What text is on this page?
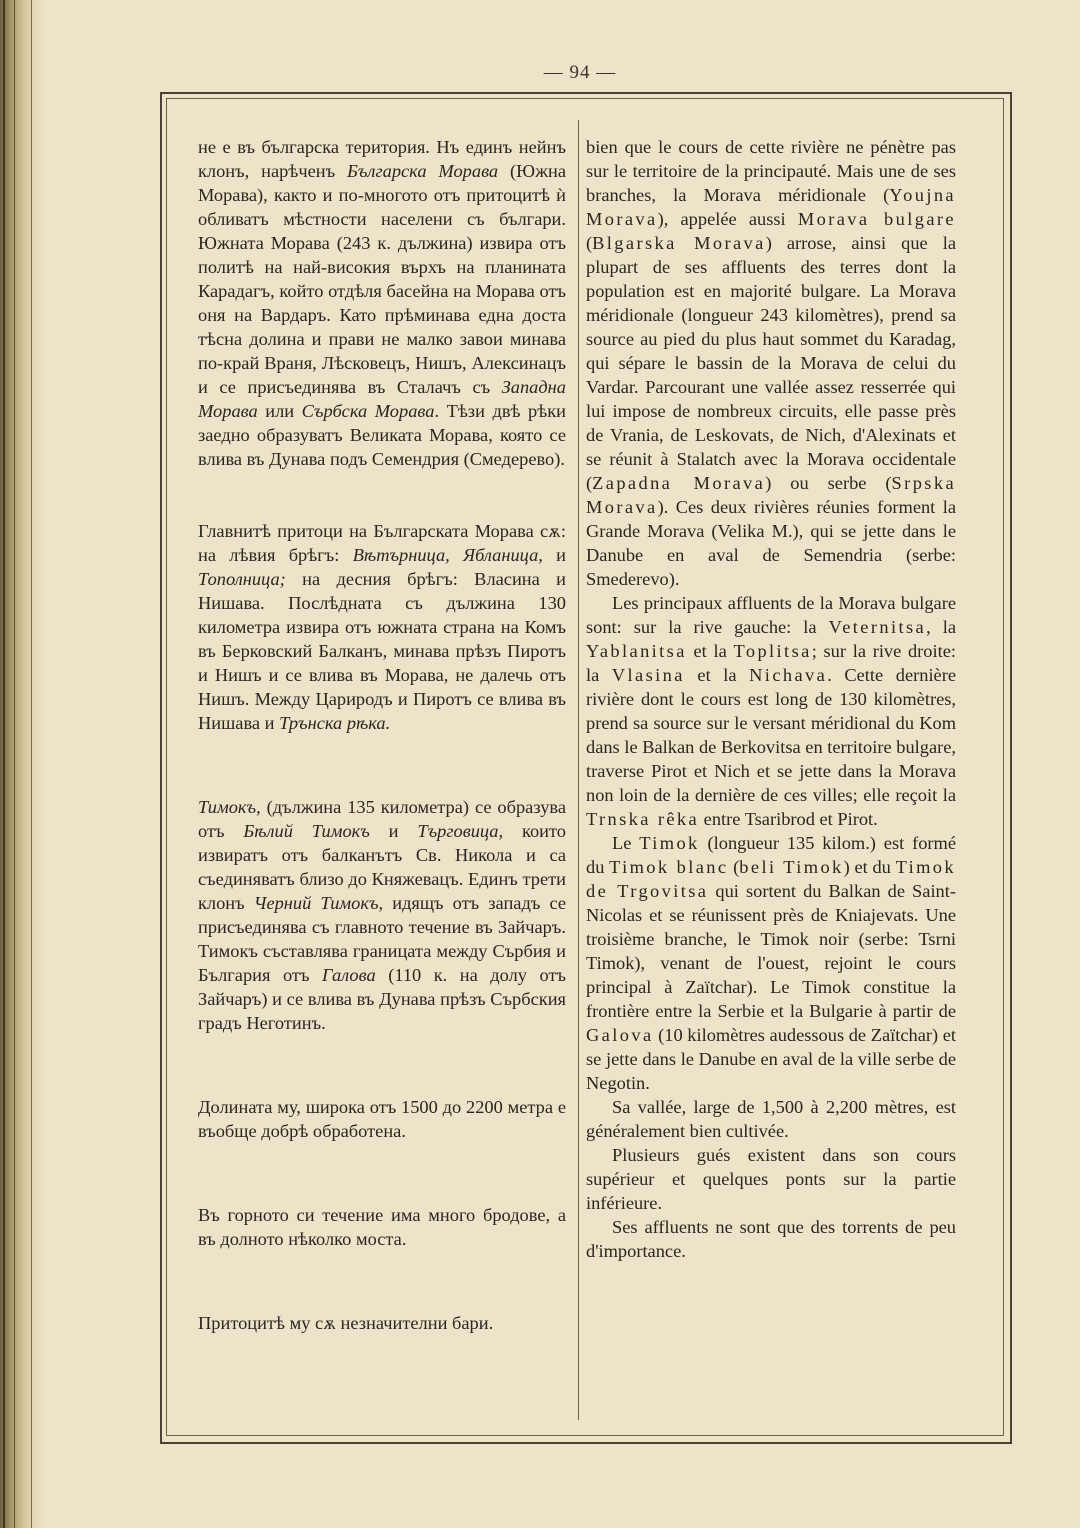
— 94 —

не е въ българска територия. Нъ единъ нейнъ клонъ, нарѣченъ Българска Морава (Южна Морава), както и по-многото отъ притоцитѣ ѝ обливатъ мѣстности населени съ българи. Южната Морава (243 к. дължина) извира отъ политѣ на най-високия върхъ на планината Карадагъ, който отдѣля басейна на Морава отъ оня на Вардаръ. Като прѣминава една доста тѣсна долина и прави не малко завои минава по-край Враня, Лѣсковецъ, Нишъ, Алексинацъ и се присъединява въ Сталачъ съ Западна Морава или Сърбска Морава. Тѣзи двѣ рѣки заедно образуватъ Великата Морава, която се влива въ Дунава подъ Семендрия (Смедерево).

Главнитѣ притоци на Българската Морава сѫ: на лѣвия брѣгъ: Вѣтърница, Ябланица, и Тополница; на десния брѣгъ: Власина и Нишава. Послѣдната съ дължина 130 километра извира отъ южната страна на Комъ въ Берковский Балканъ, минава прѣзъ Пиротъ и Нишъ и се влива въ Морава, не далечь отъ Нишъ. Между Цариродъ и Пиротъ се влива въ Нишава и Трънска рѣка.

Тимокъ, (дължина 135 километра) се образува отъ Бѣлий Тимокъ и Търговица, които извиратъ отъ балканътъ Св. Никола и са съединяватъ близо до Княжевацъ. Единъ трети клонъ Черний Тимокъ, идящъ отъ западъ се присъединява съ главното течение въ Зайчаръ. Тимокъ съставлява границата между Сърбия и България отъ Галова (110 к. на долу отъ Зайчаръ) и се влива въ Дунава прѣзъ Сърбския градъ Неготинъ.

Долината му, широка отъ 1500 до 2200 метра е въобще добрѣ обработена.

Въ горното си течение има много бродове, а въ долното нѣколко моста.

Притоцитѣ му сѫ незначителни бари.

bien que le cours de cette rivière ne pénètre pas sur le territoire de la principauté. Mais une de ses branches, la Morava méridionale (Youjna Morava), appelée aussi Morava bulgare (Blgarska Morava) arrose, ainsi que la plupart de ses affluents des terres dont la population est en majorité bulgare. La Morava méridionale (longueur 243 kilomètres), prend sa source au pied du plus haut sommet du Karadag, qui sépare le bassin de la Morava de celui du Vardar. Parcourant une vallée assez resserrée qui lui impose de nombreux circuits, elle passe près de Vrania, de Leskovats, de Nich, d'Alexinats et se réunit à Stalatch avec la Morava occidentale (Zapadna Morava) ou serbe (Srpska Morava). Ces deux rivières réunies forment la Grande Morava (Velika M.), qui se jette dans le Danube en aval de Semendria (serbe: Smederevo).

Les principaux affluents de la Morava bulgare sont: sur la rive gauche: la Veternitsa, la Yablanitsa et la Toplitsa; sur la rive droite: la Vlasina et la Nichava. Cette dernière rivière dont le cours est long de 130 kilomètres, prend sa source sur le versant méridional du Kom dans le Balkan de Berkovitsa en territoire bulgare, traverse Pirot et Nich et se jette dans la Morava non loin de la dernière de ces villes; elle reçoit la Trnska rêka entre Tsaribrod et Pirot.

Le Timok (longueur 135 kilom.) est formé du Timok blanc (beli Timok) et du Timok de Trgovitsa qui sortent du Balkan de Saint-Nicolas et se réunissent près de Kniajevats. Une troisième branche, le Timok noir (serbe: Tsrni Timok), venant de l'ouest, rejoint le cours principal à Zaïtchar). Le Timok constitue la frontière entre la Serbie et la Bulgarie à partir de Galova (10 kilomètres audessous de Zaïtchar) et se jette dans le Danube en aval de la ville serbe de Negotin.

Sa vallée, large de 1,500 à 2,200 mètres, est généralement bien cultivée.

Plusieurs gués existent dans son cours supérieur et quelques ponts sur la partie inférieure.

Ses affluents ne sont que des torrents de peu d'importance.
